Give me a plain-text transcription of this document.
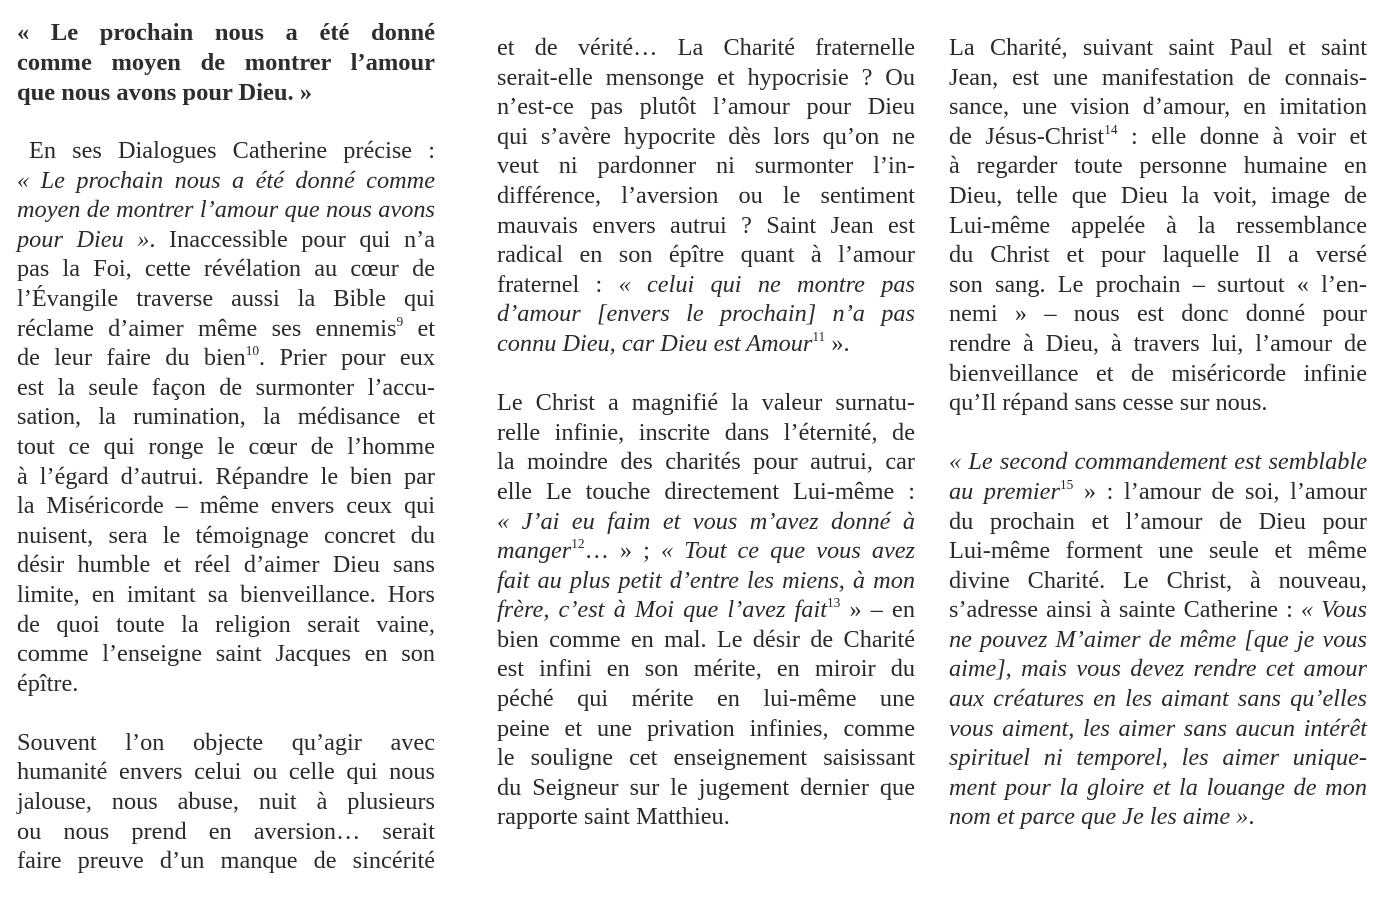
« Le prochain nous a été donné
comme moyen de montrer l’amour
que nous avons pour Dieu. »
En ses Dialogues Catherine précise :
« Le prochain nous a été donné comme
moyen de montrer l’amour que nous avons
pour Dieu ». Inaccessible pour qui n’a
pas la Foi, cette révélation au cœur de
l’Évangile traverse aussi la Bible qui
réclame d’aimer même ses ennemis$^9$ et
de leur faire du bien$^{10}$. Prier pour eux
est la seule façon de surmonter l’accu-
sation, la rumination, la médisance et
tout ce qui ronge le cœur de l’homme
à l’égard d’autrui. Répandre le bien par
la Miséricorde – même envers ceux qui
nuisent, sera le témoignage concret du
désir humble et réel d’aimer Dieu sans
limite, en imitant sa bienveillance. Hors
de quoi toute la religion serait vaine,
comme l’enseigne saint Jacques en son
épître.
Souvent l’on objecte qu’agir avec
humanité envers celui ou celle qui nous
jalouse, nous abuse, nuit à plusieurs
ou nous prend en aversion… serait
faire preuve d’un manque de sincérité
et de vérité… La Charité fraternelle
serait-elle mensonge et hypocrisie ? Ou
n’est-ce pas plutôt l’amour pour Dieu
qui s’avère hypocrite dès lors qu’on ne
veut ni pardonner ni surmonter l’in-
différence, l’aversion ou le sentiment
mauvais envers autrui ? Saint Jean est
radical en son épître quant à l’amour
fraternel : « celui qui ne montre pas
d’amour [envers le prochain] n’a pas
connu Dieu, car Dieu est Amour$^{11}$ ».
Le Christ a magnifié la valeur surnatu-
relle infinie, inscrite dans l’éternité, de
la moindre des charités pour autrui, car
elle Le touche directement Lui-même :
« J’ai eu faim et vous m’avez donné à
manger$^{12}$… » ; « Tout ce que vous avez
fait au plus petit d’entre les miens, à mon
frère, c’est à Moi que l’avez fait$^{13}$ » – en
bien comme en mal. Le désir de Charité
est infini en son mérite, en miroir du
péché qui mérite en lui-même une
peine et une privation infinies, comme
le souligne cet enseignement saisissant
du Seigneur sur le jugement dernier que
rapporte saint Matthieu.
La Charité, suivant saint Paul et saint
Jean, est une manifestation de connais-
sance, une vision d’amour, en imitation
de Jésus-Christ$^{14}$ : elle donne à voir et
à regarder toute personne humaine en
Dieu, telle que Dieu la voit, image de
Lui-même appelée à la ressemblance
du Christ et pour laquelle Il a versé
son sang. Le prochain – surtout « l’en-
nemi » – nous est donc donné pour
rendre à Dieu, à travers lui, l’amour de
bienveillance et de miséricorde infinie
qu’Il répand sans cesse sur nous.
« Le second commandement est semblable
au premier$^{15}$ » : l’amour de soi, l’amour
du prochain et l’amour de Dieu pour
Lui-même forment une seule et même
divine Charité. Le Christ, à nouveau,
s’adresse ainsi à sainte Catherine : « Vous
ne pouvez M’aimer de même [que je vous
aime], mais vous devez rendre cet amour
aux créatures en les aimant sans qu’elles
vous aiment, les aimer sans aucun intérêt
spirituel ni temporel, les aimer unique-
ment pour la gloire et la louange de mon
nom et parce que Je les aime ».
